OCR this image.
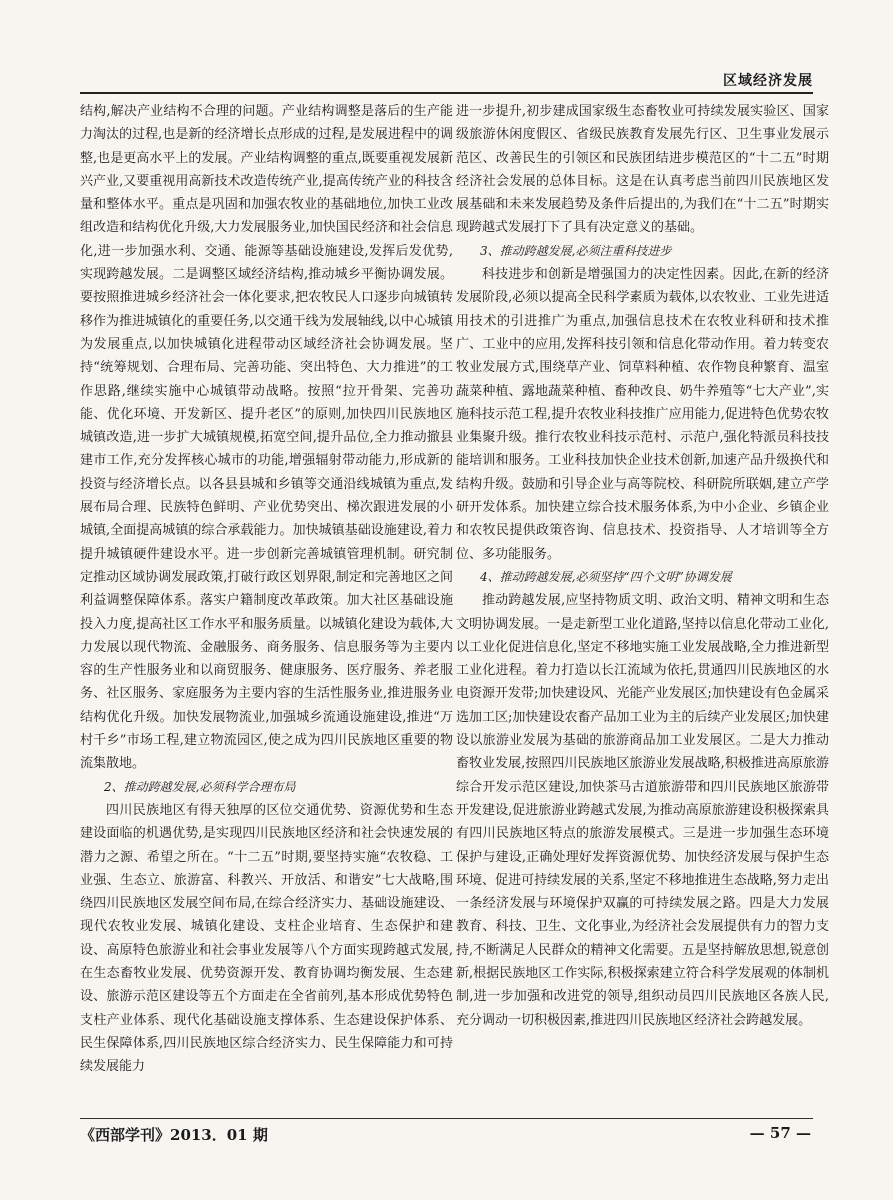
区域经济发展

结构,解决产业结构不合理的问题。产业结构调整是落后的生产能力淘汰的过程,也是新的经济增长点形成的过程,是发展进程中的调整,也是更高水平上的发展。产业结构调整的重点,既要重视发展新兴产业,又要重视用高新技术改造传统产业,提高传统产业的科技含量和整体水平。重点是巩固和加强农牧业的基础地位,加快工业改组改造和结构优化升级,大力发展服务业,加快国民经济和社会信息化,进一步加强水利、交通、能源等基础设施建设,发挥后发优势,实现跨越发展。二是调整区域经济结构,推动城乡平衡协调发展。要按照推进城乡经济社会一体化要求,把农牧民人口逐步向城镇转移作为推进城镇化的重要任务,以交通干线为发展轴线,以中心城镇为发展重点,以加快城镇化进程带动区域经济社会协调发展。坚持“统筹规划、合理布局、完善功能、突出特色、大力推进”的工作思路,继续实施中心城镇带动战略。按照“拉开骨架、完善功能、优化环境、开发新区、提升老区”的原则,加快四川民族地区城镇改造,进一步扩大城镇规模,拓宽空间,提升品位,全力推动撤县建市工作,充分发挥核心城市的功能,增强辐射带动能力,形成新的投资与经济增长点。以各县县城和乡镇等交通沿线城镇为重点,发展布局合理、民族特色鲜明、产业优势突出、梯次跟进发展的小城镇,全面提高城镇的综合承载能力。加快城镇基础设施建设,着力提升城镇硬件建设水平。进一步创新完善城镇管理机制。研究制定推动区域协调发展政策,打破行政区划界限,制定和完善地区之间利益调整保障体系。落实户籍制度改革政策。加大社区基础设施投入力度,提高社区工作水平和服务质量。以城镇化建设为载体,大力发展以现代物流、金融服务、商务服务、信息服务等为主要内容的生产性服务业和以商贸服务、健康服务、医疗服务、养老服务、社区服务、家庭服务为主要内容的生活性服务业,推进服务业结构优化升级。加快发展物流业,加强城乡流通设施建设,推进“万村千乡”市场工程,建立物流园区,使之成为四川民族地区重要的物流集散地。

2、推动跨越发展,必须科学合理布局

四川民族地区有得天独厚的区位交通优势、资源优势和生态建设面临的机遇优势,是实现四川民族地区经济和社会快速发展的潜力之源、希望之所在。“十二五”时期,要坚持实施“农牧稳、工业强、生态立、旅游富、科教兴、开放活、和谐安”七大战略,围绕四川民族地区发展空间布局,在综合经济实力、基础设施建设、现代农牧业发展、城镇化建设、支柱企业培育、生态保护和建设、高原特色旅游业和社会事业发展等八个方面实现跨越式发展,在生态畜牧业发展、优势资源开发、教育协调均衡发展、生态建设、旅游示范区建设等五个方面走在全省前列,基本形成优势特色支柱产业体系、现代化基础设施支撑体系、生态建设保护体系、民生保障体系,四川民族地区综合经济实力、民生保障能力和可持续发展能力

进一步提升,初步建成国家级生态畜牧业可持续发展实验区、国家级旅游休闲度假区、省级民族教育发展先行区、卫生事业发展示范区、改善民生的引领区和民族团结进步模范区的“十二五”时期经济社会发展的总体目标。这是在认真考虑当前四川民族地区发展基础和未来发展趋势及条件后提出的,为我们在“十二五”时期实现跨越式发展打下了具有决定意义的基础。

3、推动跨越发展,必须注重科技进步

科技进步和创新是增强国力的决定性因素。因此,在新的经济发展阶段,必须以提高全民科学素质为载体,以农牧业、工业先进适用技术的引进推广为重点,加强信息技术在农牧业科研和技术推广、工业中的应用,发挥科技引领和信息化带动作用。着力转变农牧业发展方式,围绕草产业、饲草料种植、农作物良种繁育、温室蔬菜种植、露地蔬菜种植、畜种改良、奶牛养殖等“七大产业”,实施科技示范工程,提升农牧业科技推广应用能力,促进特色优势农牧业集聚升级。推行农牧业科技示范村、示范户,强化特派员科技技能培训和服务。工业科技加快企业技术创新,加速产品升级换代和结构升级。鼓励和引导企业与高等院校、科研院所联姻,建立产学研开发体系。加快建立综合技术服务体系,为中小企业、乡镇企业和农牧民提供政策咨询、信息技术、投资指导、人才培训等全方位、多功能服务。

4、推动跨越发展,必须坚持“四个文明”协调发展

推动跨越发展,应坚持物质文明、政治文明、精神文明和生态文明协调发展。一是走新型工业化道路,坚持以信息化带动工业化,以工业化促进信息化,坚定不移地实施工业发展战略,全力推进新型工业化进程。着力打造以长江流域为依托,贯通四川民族地区的水电资源开发带;加快建设风、光能产业发展区;加快建设有色金属采选加工区;加快建设农畜产品加工业为主的后续产业发展区;加快建设以旅游业发展为基础的旅游商品加工业发展区。二是大力推动畜牧业发展,按照四川民族地区旅游业发展战略,积极推进高原旅游综合开发示范区建设,加快茶马古道旅游带和四川民族地区旅游带开发建设,促进旅游业跨越式发展,为推动高原旅游建设积极探索具有四川民族地区特点的旅游发展模式。三是进一步加强生态环境保护与建设,正确处理好发挥资源优势、加快经济发展与保护生态环境、促进可持续发展的关系,坚定不移地推进生态战略,努力走出一条经济发展与环境保护双赢的可持续发展之路。四是大力发展教育、科技、卫生、文化事业,为经济社会发展提供有力的智力支持,不断满足人民群众的精神文化需要。五是坚持解放思想,锐意创新,根据民族地区工作实际,积极探索建立符合科学发展观的体制机制,进一步加强和改进党的领导,组织动员四川民族地区各族人民,充分调动一切积极因素,推进四川民族地区经济社会跨越发展。

《西部学刊》2013．01 期	— 57 —
